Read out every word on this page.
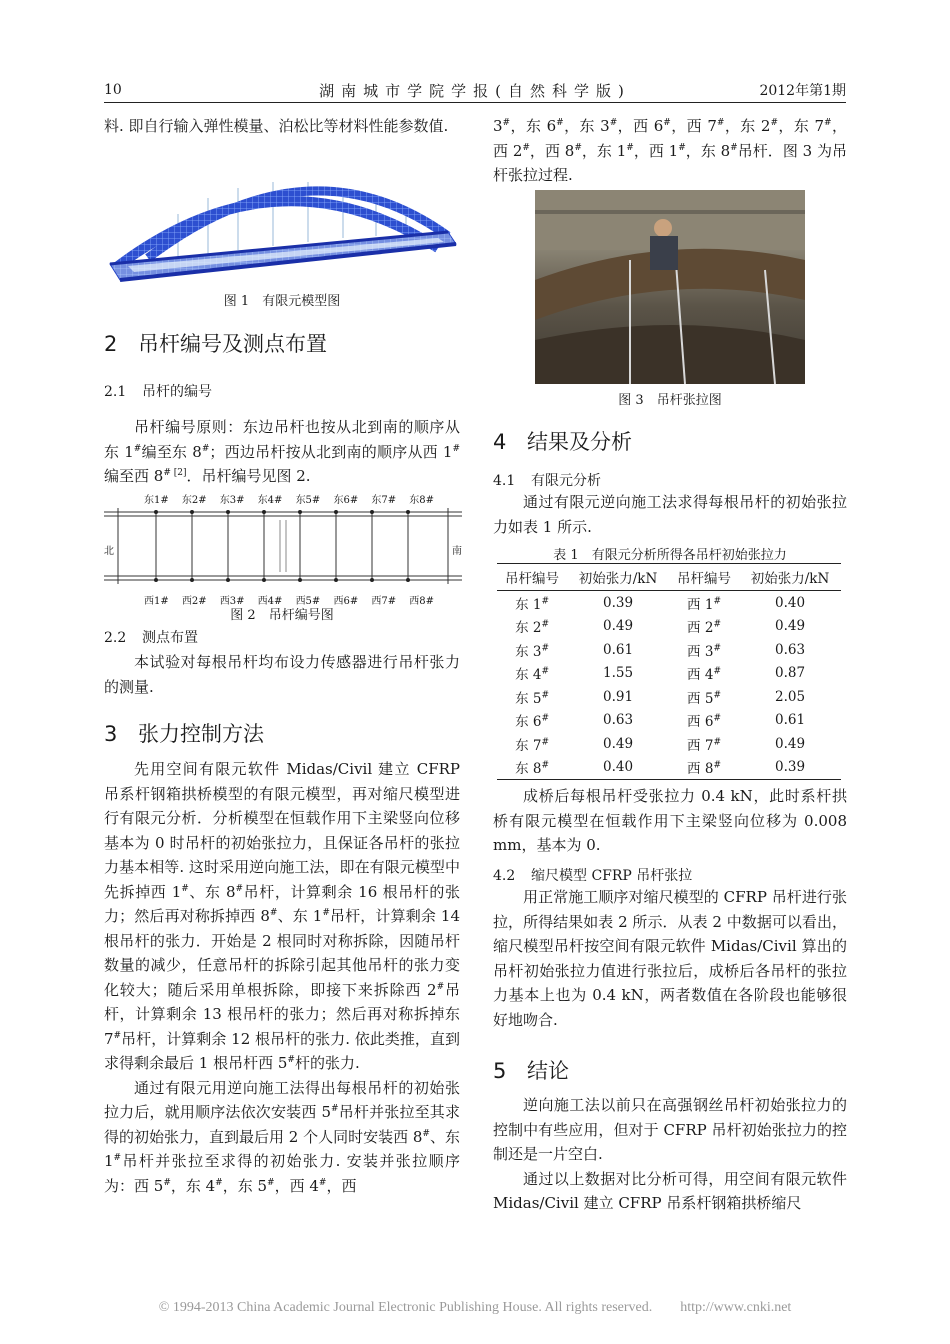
10	湖南城市学院学报(自然科学版)	2012年第1期

料. 即自行输入弹性模量、泊松比等材料性能参数值.

图 1　有限元模型图
2 吊杆编号及测点布置
2.1 吊杆的编号

吊杆编号原则：东边吊杆也按从北到南的顺序从东 1#编至东 8#；西边吊杆按从北到南的顺序从西 1#编至西 $8^{\# [2]}$．吊杆编号见图 2.

东1# 东2# 东3# 东4# 东5# 东6# 东7# 东8#
西1# 西2# 西3# 西4# 西5# 西6# 西7# 西8#
北	南
图 2　吊杆编号图
2.2 测点布置

本试验对每根吊杆均布设力传感器进行吊杆张力的测量.

3 张力控制方法

先用空间有限元软件 Midas/Civil 建立 CFRP 吊系杆钢箱拱桥模型的有限元模型，再对缩尺模型进行有限元分析．分析模型在恒载作用下主梁竖向位移基本为 0 时吊杆的初始张拉力，且保证各吊杆的张拉力基本相等. 这时采用逆向施工法，即在有限元模型中先拆掉西 1#、东 8#吊杆，计算剩余 16 根吊杆的张力；然后再对称拆掉西 8#、东 1#吊杆，计算剩余 14 根吊杆的张力．开始是 2 根同时对称拆除，因随吊杆数量的减少，任意吊杆的拆除引起其他吊杆的张力变化较大；随后采用单根拆除，即接下来拆除西 2#吊杆，计算剩余 13 根吊杆的张力；然后再对称拆掉东 7#吊杆，计算剩余 12 根吊杆的张力. 依此类推，直到求得剩余最后 1 根吊杆西 5#杆的张力.

通过有限元用逆向施工法得出每根吊杆的初始张拉力后，就用顺序法依次安装西 5#吊杆并张拉至其求得的初始张力，直到最后用 2 个人同时安装西 8#、东 1#吊杆并张拉至求得的初始张力. 安装并张拉顺序为：西 5#，东 4#，东 5#，西 4#，西

3#，东 6#，东 3#，西 6#，西 7#，东 2#，东 7#，西 2#，西 8#，东 1#，西 1#，东 8#吊杆．图 3 为吊杆张拉过程.

图 3　吊杆张拉图
4 结果及分析
4.1 有限元分析

通过有限元逆向施工法求得每根吊杆的初始张拉力如表 1 所示.

表 1　有限元分析所得各吊杆初始张拉力
吊杆编号	初始张力/kN	吊杆编号	初始张力/kN
东 1#	0.39	西 1#	0.40
东 2#	0.49	西 2#	0.49
东 3#	0.61	西 3#	0.63
东 4#	1.55	西 4#	0.87
东 5#	0.91	西 5#	2.05
东 6#	0.63	西 6#	0.61
东 7#	0.49	西 7#	0.49
东 8#	0.40	西 8#	0.39

成桥后每根吊杆受张拉力 0.4 kN，此时系杆拱桥有限元模型在恒载作用下主梁竖向位移为 0.008 mm，基本为 0.

4.2 缩尺模型 CFRP 吊杆张拉

用正常施工顺序对缩尺模型的 CFRP 吊杆进行张拉，所得结果如表 2 所示．从表 2 中数据可以看出，缩尺模型吊杆按空间有限元软件 Midas/Civil 算出的吊杆初始张拉力值进行张拉后，成桥后各吊杆的张拉力基本上也为 0.4 kN，两者数值在各阶段也能够很好地吻合.

5 结论

逆向施工法以前只在高强钢丝吊杆初始张拉力的控制中有些应用，但对于 CFRP 吊杆初始张拉力的控制还是一片空白.

通过以上数据对比分析可得，用空间有限元软件 Midas/Civil 建立 CFRP 吊系杆钢箱拱桥缩尺

© 1994-2013 China Academic Journal Electronic Publishing House. All rights reserved.　　http://www.cnki.net
